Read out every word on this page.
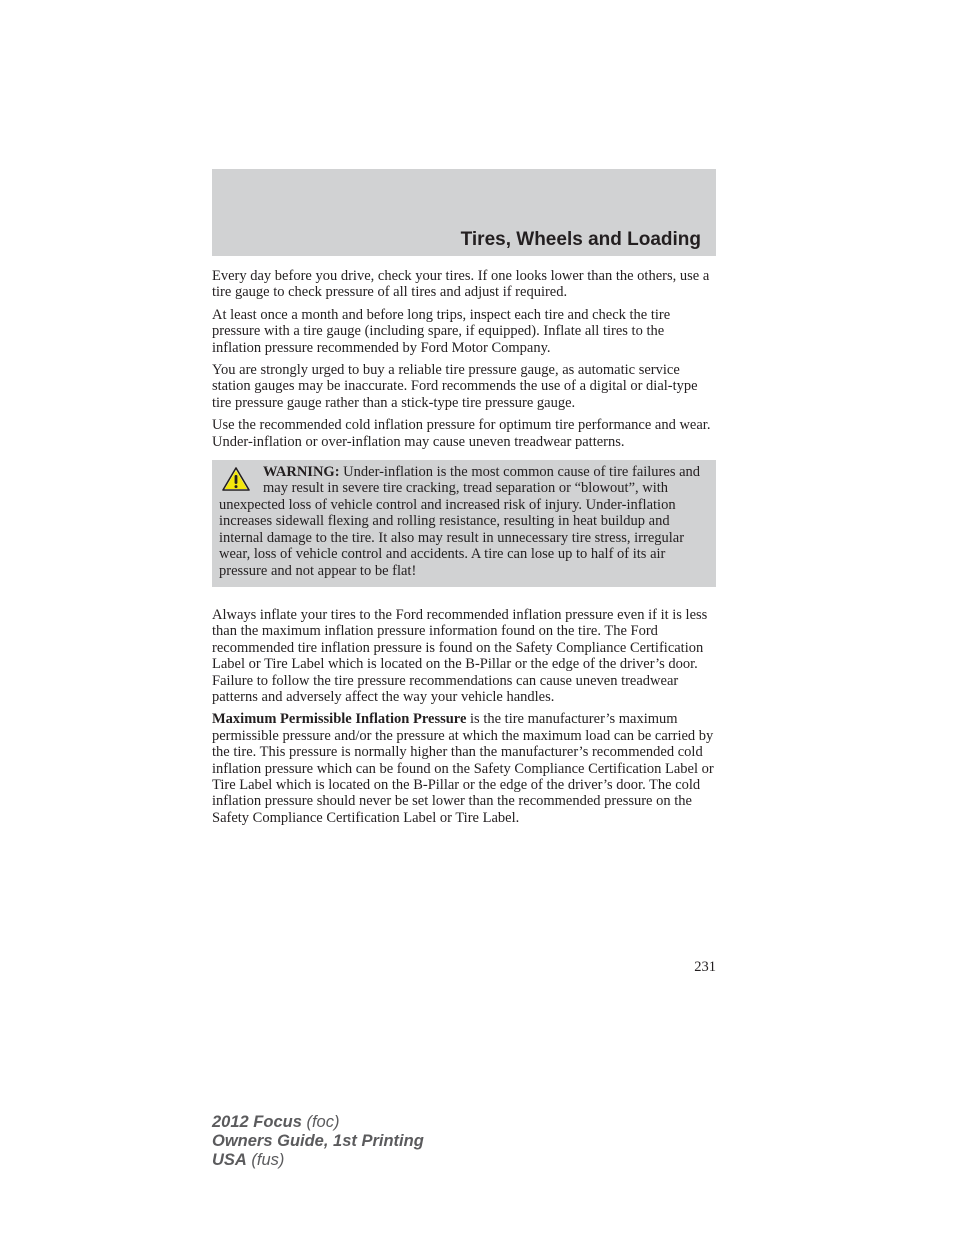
Tires, Wheels and Loading

Every day before you drive, check your tires. If one looks lower than the others, use a tire gauge to check pressure of all tires and adjust if required.

At least once a month and before long trips, inspect each tire and check the tire pressure with a tire gauge (including spare, if equipped). Inflate all tires to the inflation pressure recommended by Ford Motor Company.

You are strongly urged to buy a reliable tire pressure gauge, as automatic service station gauges may be inaccurate. Ford recommends the use of a digital or dial-type tire pressure gauge rather than a stick-type tire pressure gauge.

Use the recommended cold inflation pressure for optimum tire performance and wear. Under-inflation or over-inflation may cause uneven treadwear patterns.

WARNING: Under-inflation is the most common cause of tire failures and may result in severe tire cracking, tread separation or “blowout”, with unexpected loss of vehicle control and increased risk of injury. Under-inflation increases sidewall flexing and rolling resistance, resulting in heat buildup and internal damage to the tire. It also may result in unnecessary tire stress, irregular wear, loss of vehicle control and accidents. A tire can lose up to half of its air pressure and not appear to be flat!

Always inflate your tires to the Ford recommended inflation pressure even if it is less than the maximum inflation pressure information found on the tire. The Ford recommended tire inflation pressure is found on the Safety Compliance Certification Label or Tire Label which is located on the B-Pillar or the edge of the driver’s door. Failure to follow the tire pressure recommendations can cause uneven treadwear patterns and adversely affect the way your vehicle handles.

Maximum Permissible Inflation Pressure is the tire manufacturer’s maximum permissible pressure and/or the pressure at which the maximum load can be carried by the tire. This pressure is normally higher than the manufacturer’s recommended cold inflation pressure which can be found on the Safety Compliance Certification Label or Tire Label which is located on the B-Pillar or the edge of the driver’s door. The cold inflation pressure should never be set lower than the recommended pressure on the Safety Compliance Certification Label or Tire Label.

231
2012 Focus (foc)
Owners Guide, 1st Printing
USA (fus)
